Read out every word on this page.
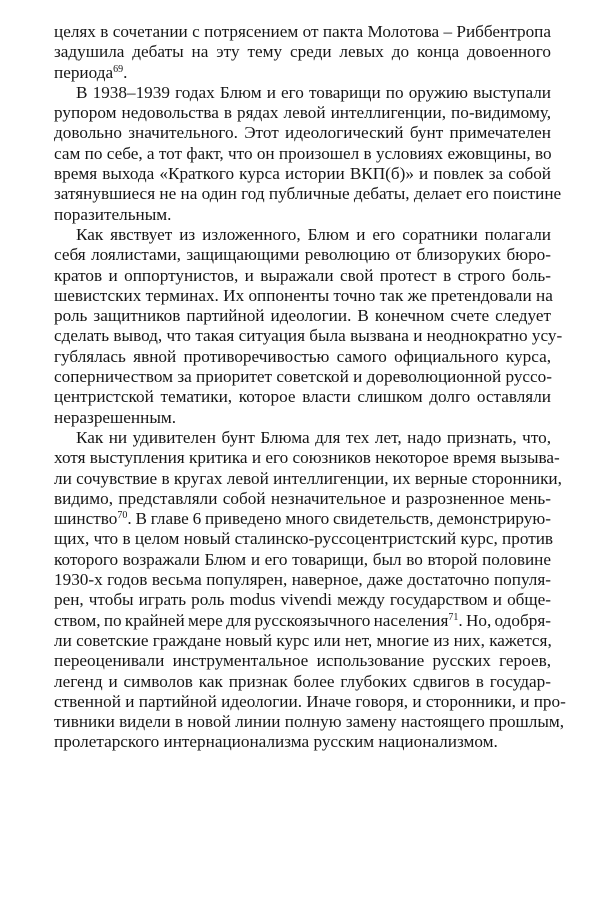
целях в сочетании с потрясением от пакта Молотова – Риббентропа
задушила дебаты на эту тему среди левых до конца довоенного
периода$^{69}$.
В 1938–1939 годах Блюм и его товарищи по оружию выступали
рупором недовольства в рядах левой интеллигенции, по-видимому,
довольно значительного. Этот идеологический бунт примечателен
сам по себе, а тот факт, что он произошел в условиях ежовщины, во
время выхода «Краткого курса истории ВКП(б)» и повлек за собой
затянувшиеся не на один год публичные дебаты, делает его поистине
поразительным.
Как явствует из изложенного, Блюм и его соратники полагали
себя лоялистами, защищающими революцию от близоруких бюро-
кратов и оппортунистов, и выражали свой протест в строго боль-
шевистских терминах. Их оппоненты точно так же претендовали на
роль защитников партийной идеологии. В конечном счете следует
сделать вывод, что такая ситуация была вызвана и неоднократно усу-
гублялась явной противоречивостью самого официального курса,
соперничеством за приоритет советской и дореволюционной руссо-
центристской тематики, которое власти слишком долго оставляли
неразрешенным.
Как ни удивителен бунт Блюма для тех лет, надо признать, что,
хотя выступления критика и его союзников некоторое время вызыва-
ли сочувствие в кругах левой интеллигенции, их верные сторонники,
видимо, представляли собой незначительное и разрозненное мень-
шинство$^{70}$. В главе 6 приведено много свидетельств, демонстрирую-
щих, что в целом новый сталинско-руссоцентристский курс, против
которого возражали Блюм и его товарищи, был во второй половине
1930-х годов весьма популярен, наверное, даже достаточно популя-
рен, чтобы играть роль modus vivendi между государством и обще-
ством, по крайней мере для русскоязычного населения$^{71}$. Но, одобря-
ли советские граждане новый курс или нет, многие из них, кажется,
переоценивали инструментальное использование русских героев,
легенд и символов как признак более глубоких сдвигов в государ-
ственной и партийной идеологии. Иначе говоря, и сторонники, и про-
тивники видели в новой линии полную замену настоящего прошлым,
пролетарского интернационализма русским национализмом.
